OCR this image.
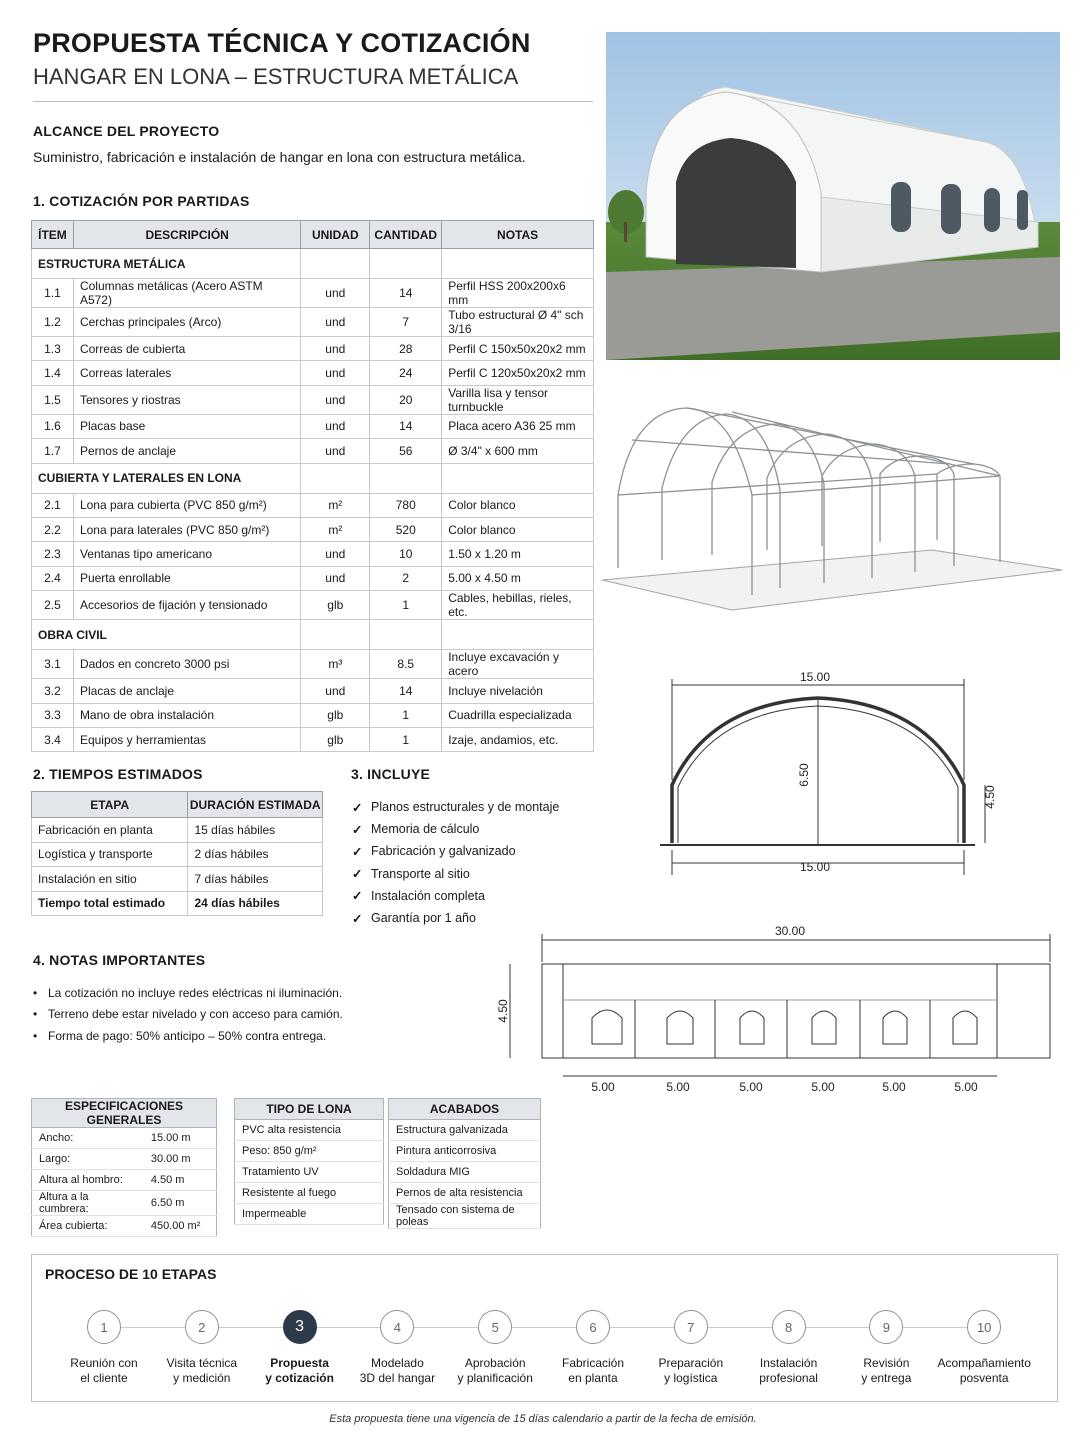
PROPUESTA TÉCNICA Y COTIZACIÓN
HANGAR EN LONA – ESTRUCTURA METÁLICA
ALCANCE DEL PROYECTO
Suministro, fabricación e instalación de hangar en lona con estructura metálica.
1. COTIZACIÓN POR PARTIDAS
ÍTEM	DESCRIPCIÓN	UNIDAD	CANTIDAD	NOTAS
ESTRUCTURA METÁLICA				
1.1	Columnas metálicas (Acero ASTM A572)	und	14	Perfil HSS 200x200x6 mm
1.2	Cerchas principales (Arco)	und	7	Tubo estructural Ø 4" sch 3/16
1.3	Correas de cubierta	und	28	Perfil C 150x50x20x2 mm
1.4	Correas laterales	und	24	Perfil C 120x50x20x2 mm
1.5	Tensores y riostras	und	20	Varilla lisa y tensor turnbuckle
1.6	Placas base	und	14	Placa acero A36 25 mm
1.7	Pernos de anclaje	und	56	Ø 3/4" x 600 mm
CUBIERTA Y LATERALES EN LONA				
2.1	Lona para cubierta (PVC 850 g/m²)	m²	780	Color blanco
2.2	Lona para laterales (PVC 850 g/m²)	m²	520	Color blanco
2.3	Ventanas tipo americano	und	10	1.50 x 1.20 m
2.4	Puerta enrollable	und	2	5.00 x 4.50 m
2.5	Accesorios de fijación y tensionado	glb	1	Cables, hebillas, rieles, etc.
OBRA CIVIL				
3.1	Dados en concreto 3000 psi	m³	8.5	Incluye excavación y acero
3.2	Placas de anclaje	und	14	Incluye nivelación
3.3	Mano de obra instalación	glb	1	Cuadrilla especializada
3.4	Equipos y herramientas	glb	1	Izaje, andamios, etc.
2. TIEMPOS ESTIMADOS
ETAPA	DURACIÓN ESTIMADA
Fabricación en planta	15 días hábiles
Logística y transporte	2 días hábiles
Instalación en sitio	7 días hábiles
Tiempo total estimado	24 días hábiles
3. INCLUYE
✓ Planos estructurales y de montaje
✓ Memoria de cálculo
✓ Fabricación y galvanizado
✓ Transporte al sitio
✓ Instalación completa
✓ Garantía por 1 año
4. NOTAS IMPORTANTES
• La cotización no incluye redes eléctricas ni iluminación.
• Terreno debe estar nivelado y con acceso para camión.
• Forma de pago: 50% anticipo – 50% contra entrega.
ESPECIFICACIONES GENERALES	
Ancho:	15.00 m
Largo:	30.00 m
Altura al hombro:	4.50 m
Altura a la cumbrera:	6.50 m
Área cubierta:	450.00 m²
TIPO DE LONA
PVC alta resistencia
Peso: 850 g/m²
Tratamiento UV
Resistente al fuego
Impermeable
ACABADOS
Estructura galvanizada
Pintura anticorrosiva
Soldadura MIG
Pernos de alta resistencia
Tensado con sistema de poleas
15.00
15.00
6.50
4.50
30.00
4.50
5.00	5.00	5.00	5.00	5.00	5.00
PROCESO DE 10 ETAPAS
1
Reunión con
el cliente
2
Visita técnica
y medición
3
Propuesta
y cotización
4
Modelado
3D del hangar
5
Aprobación
y planificación
6
Fabricación
en planta
7
Preparación
y logística
8
Instalación
profesional
9
Revisión
y entrega
10
Acompañamiento
posventa
Esta propuesta tiene una vigencia de 15 días calendario a partir de la fecha de emisión.
